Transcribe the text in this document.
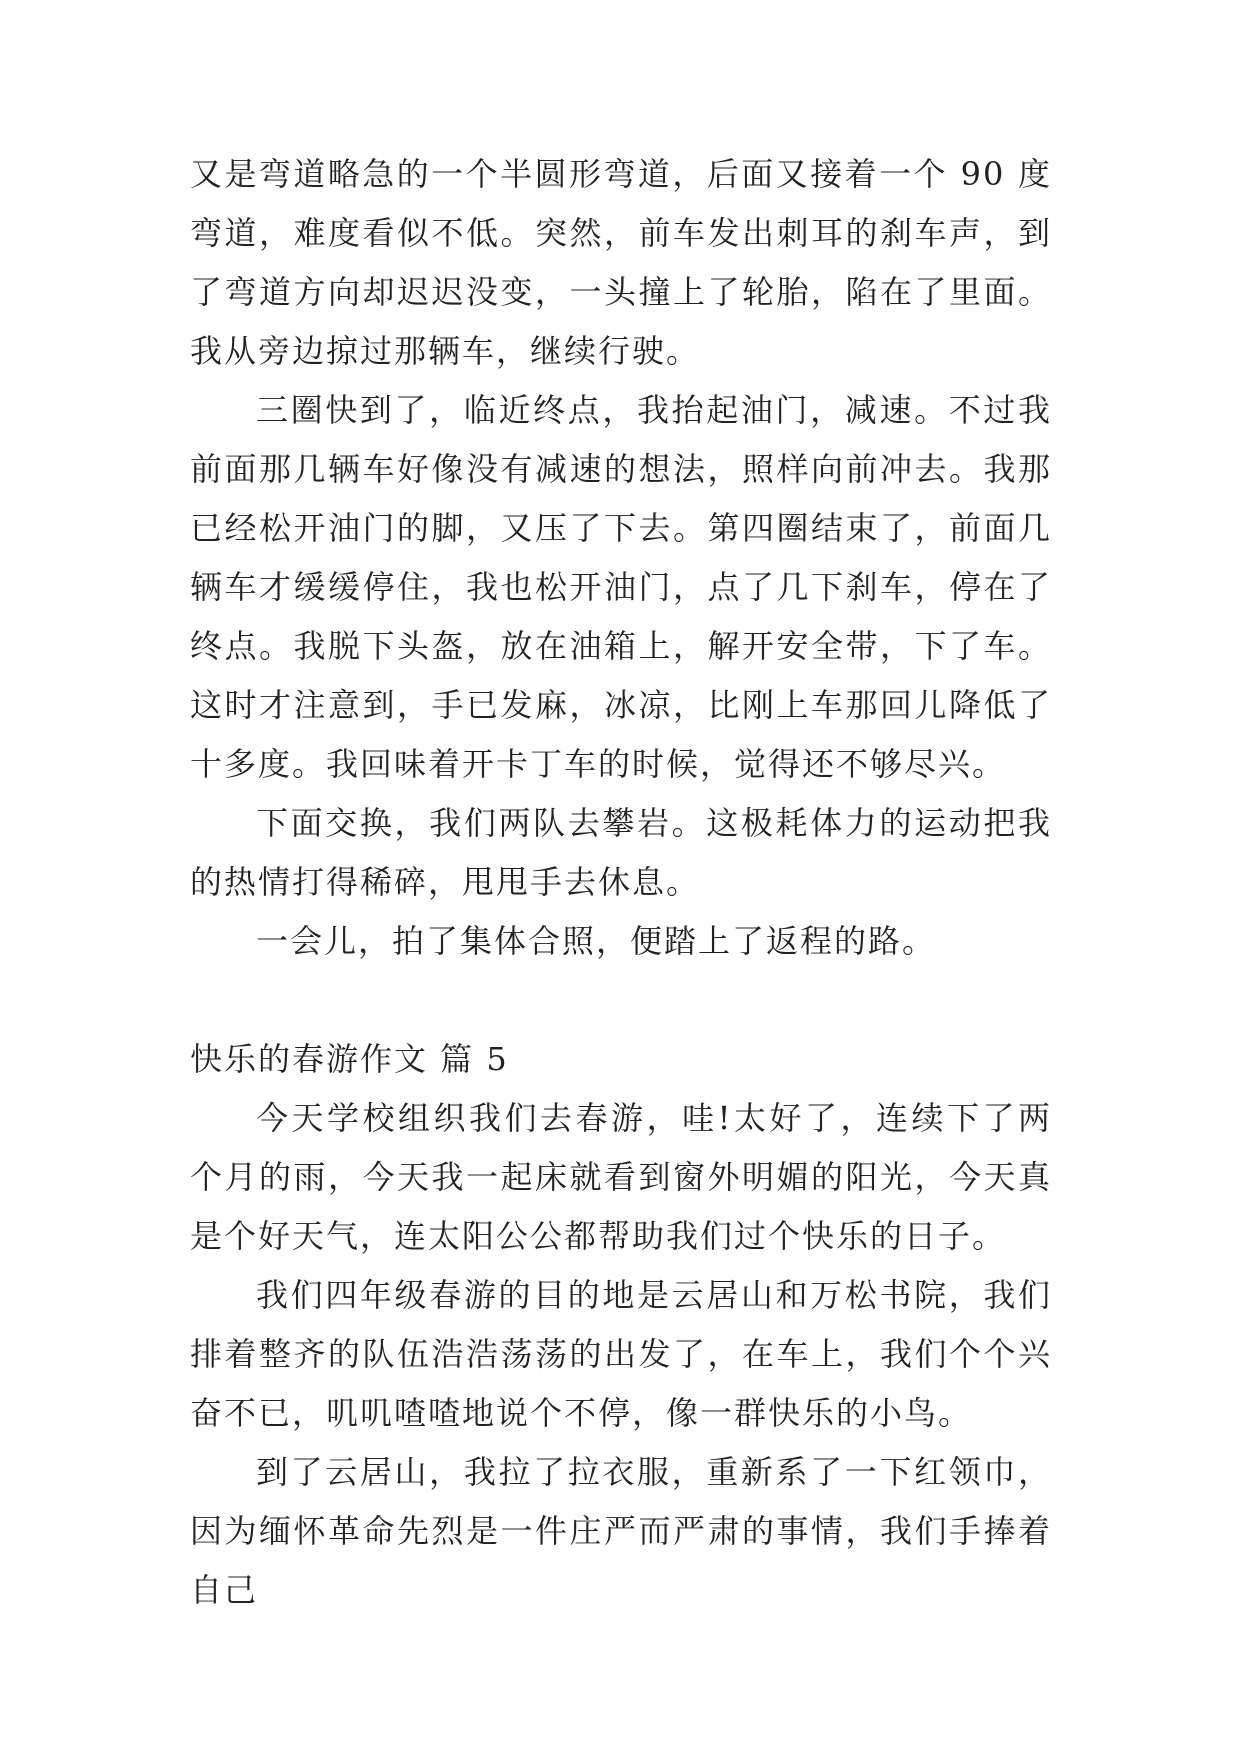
又是弯道略急的一个半圆形弯道，后面又接着一个 90 度弯道，难度看似不低。突然，前车发出刺耳的刹车声，到了弯道方向却迟迟没变，一头撞上了轮胎，陷在了里面。我从旁边掠过那辆车，继续行驶。

三圈快到了，临近终点，我抬起油门，减速。不过我前面那几辆车好像没有减速的想法，照样向前冲去。我那已经松开油门的脚，又压了下去。第四圈结束了，前面几辆车才缓缓停住，我也松开油门，点了几下刹车，停在了终点。我脱下头盔，放在油箱上，解开安全带，下了车。这时才注意到，手已发麻，冰凉，比刚上车那回儿降低了十多度。我回味着开卡丁车的时候，觉得还不够尽兴。

下面交换，我们两队去攀岩。这极耗体力的运动把我的热情打得稀碎，甩甩手去休息。

一会儿，拍了集体合照，便踏上了返程的路。

快乐的春游作文 篇 5

今天学校组织我们去春游，哇!太好了，连续下了两个月的雨，今天我一起床就看到窗外明媚的阳光，今天真是个好天气，连太阳公公都帮助我们过个快乐的日子。

我们四年级春游的目的地是云居山和万松书院，我们排着整齐的队伍浩浩荡荡的出发了，在车上，我们个个兴奋不已，叽叽喳喳地说个不停，像一群快乐的小鸟。

到了云居山，我拉了拉衣服，重新系了一下红领巾，因为缅怀革命先烈是一件庄严而严肃的事情，我们手捧着自己
